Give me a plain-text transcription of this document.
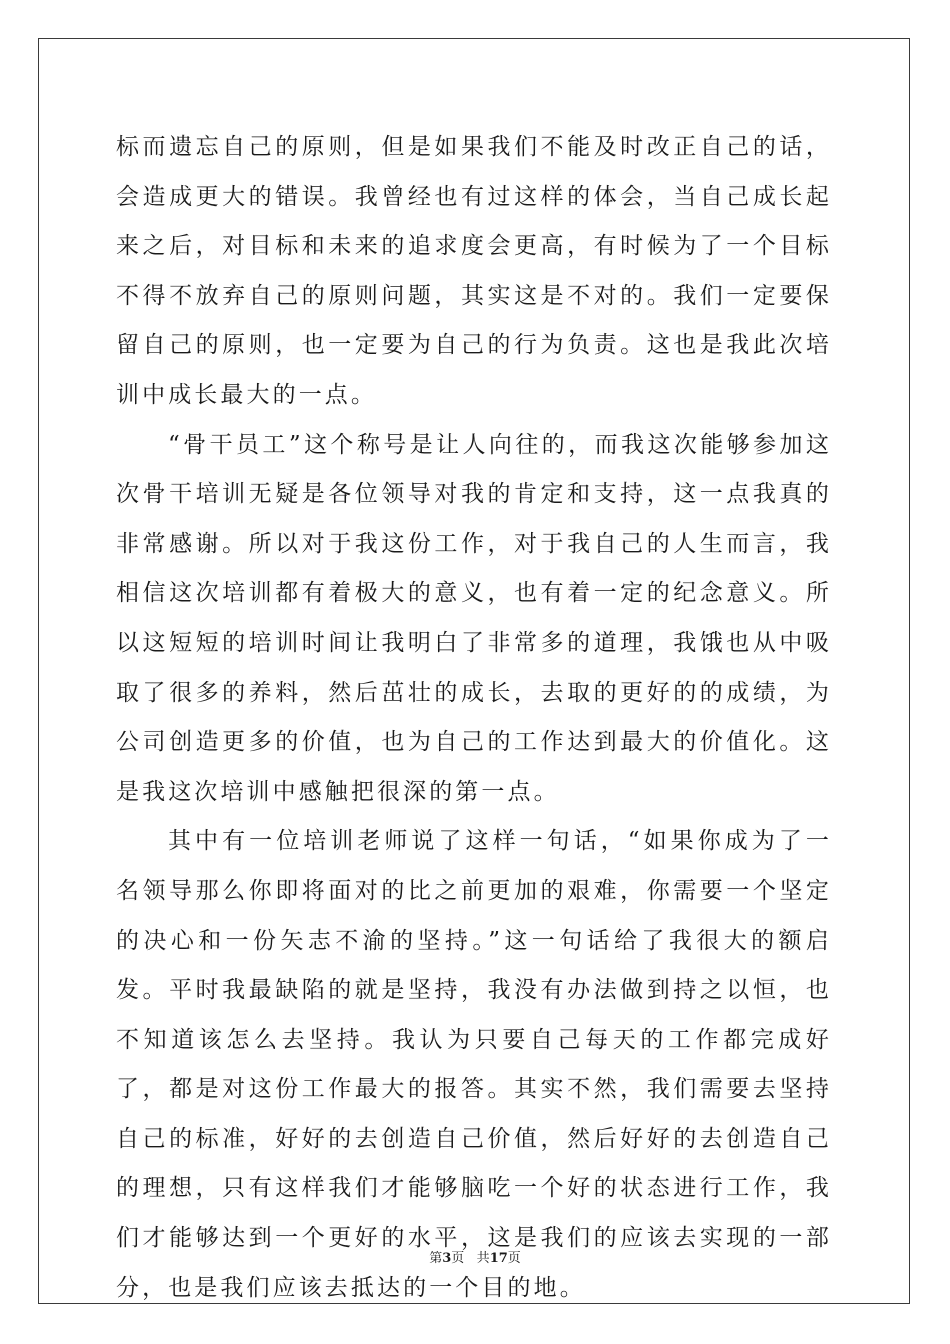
标而遗忘自己的原则，但是如果我们不能及时改正自己的话，会造成更大的错误。我曾经也有过这样的体会，当自己成长起来之后，对目标和未来的追求度会更高，有时候为了一个目标不得不放弃自己的原则问题，其实这是不对的。我们一定要保留自己的原则，也一定要为自己的行为负责。这也是我此次培训中成长最大的一点。

“骨干员工”这个称号是让人向往的，而我这次能够参加这次骨干培训无疑是各位领导对我的肯定和支持，这一点我真的非常感谢。所以对于我这份工作，对于我自己的人生而言，我相信这次培训都有着极大的意义，也有着一定的纪念意义。所以这短短的培训时间让我明白了非常多的道理，我饿也从中吸取了很多的养料，然后茁壮的成长，去取的更好的的成绩，为公司创造更多的价值，也为自己的工作达到最大的价值化。这是我这次培训中感触把很深的第一点。

其中有一位培训老师说了这样一句话，“如果你成为了一名领导那么你即将面对的比之前更加的艰难，你需要一个坚定的决心和一份矢志不渝的坚持。”这一句话给了我很大的额启发。平时我最缺陷的就是坚持，我没有办法做到持之以恒，也不知道该怎么去坚持。我认为只要自己每天的工作都完成好了，都是对这份工作最大的报答。其实不然，我们需要去坚持自己的标准，好好的去创造自己价值，然后好好的去创造自己的理想，只有这样我们才能够脑吃一个好的状态进行工作，我们才能够达到一个更好的水平，这是我们的应该去实现的一部分，也是我们应该去抵达的一个目的地。

第3页 共17页
